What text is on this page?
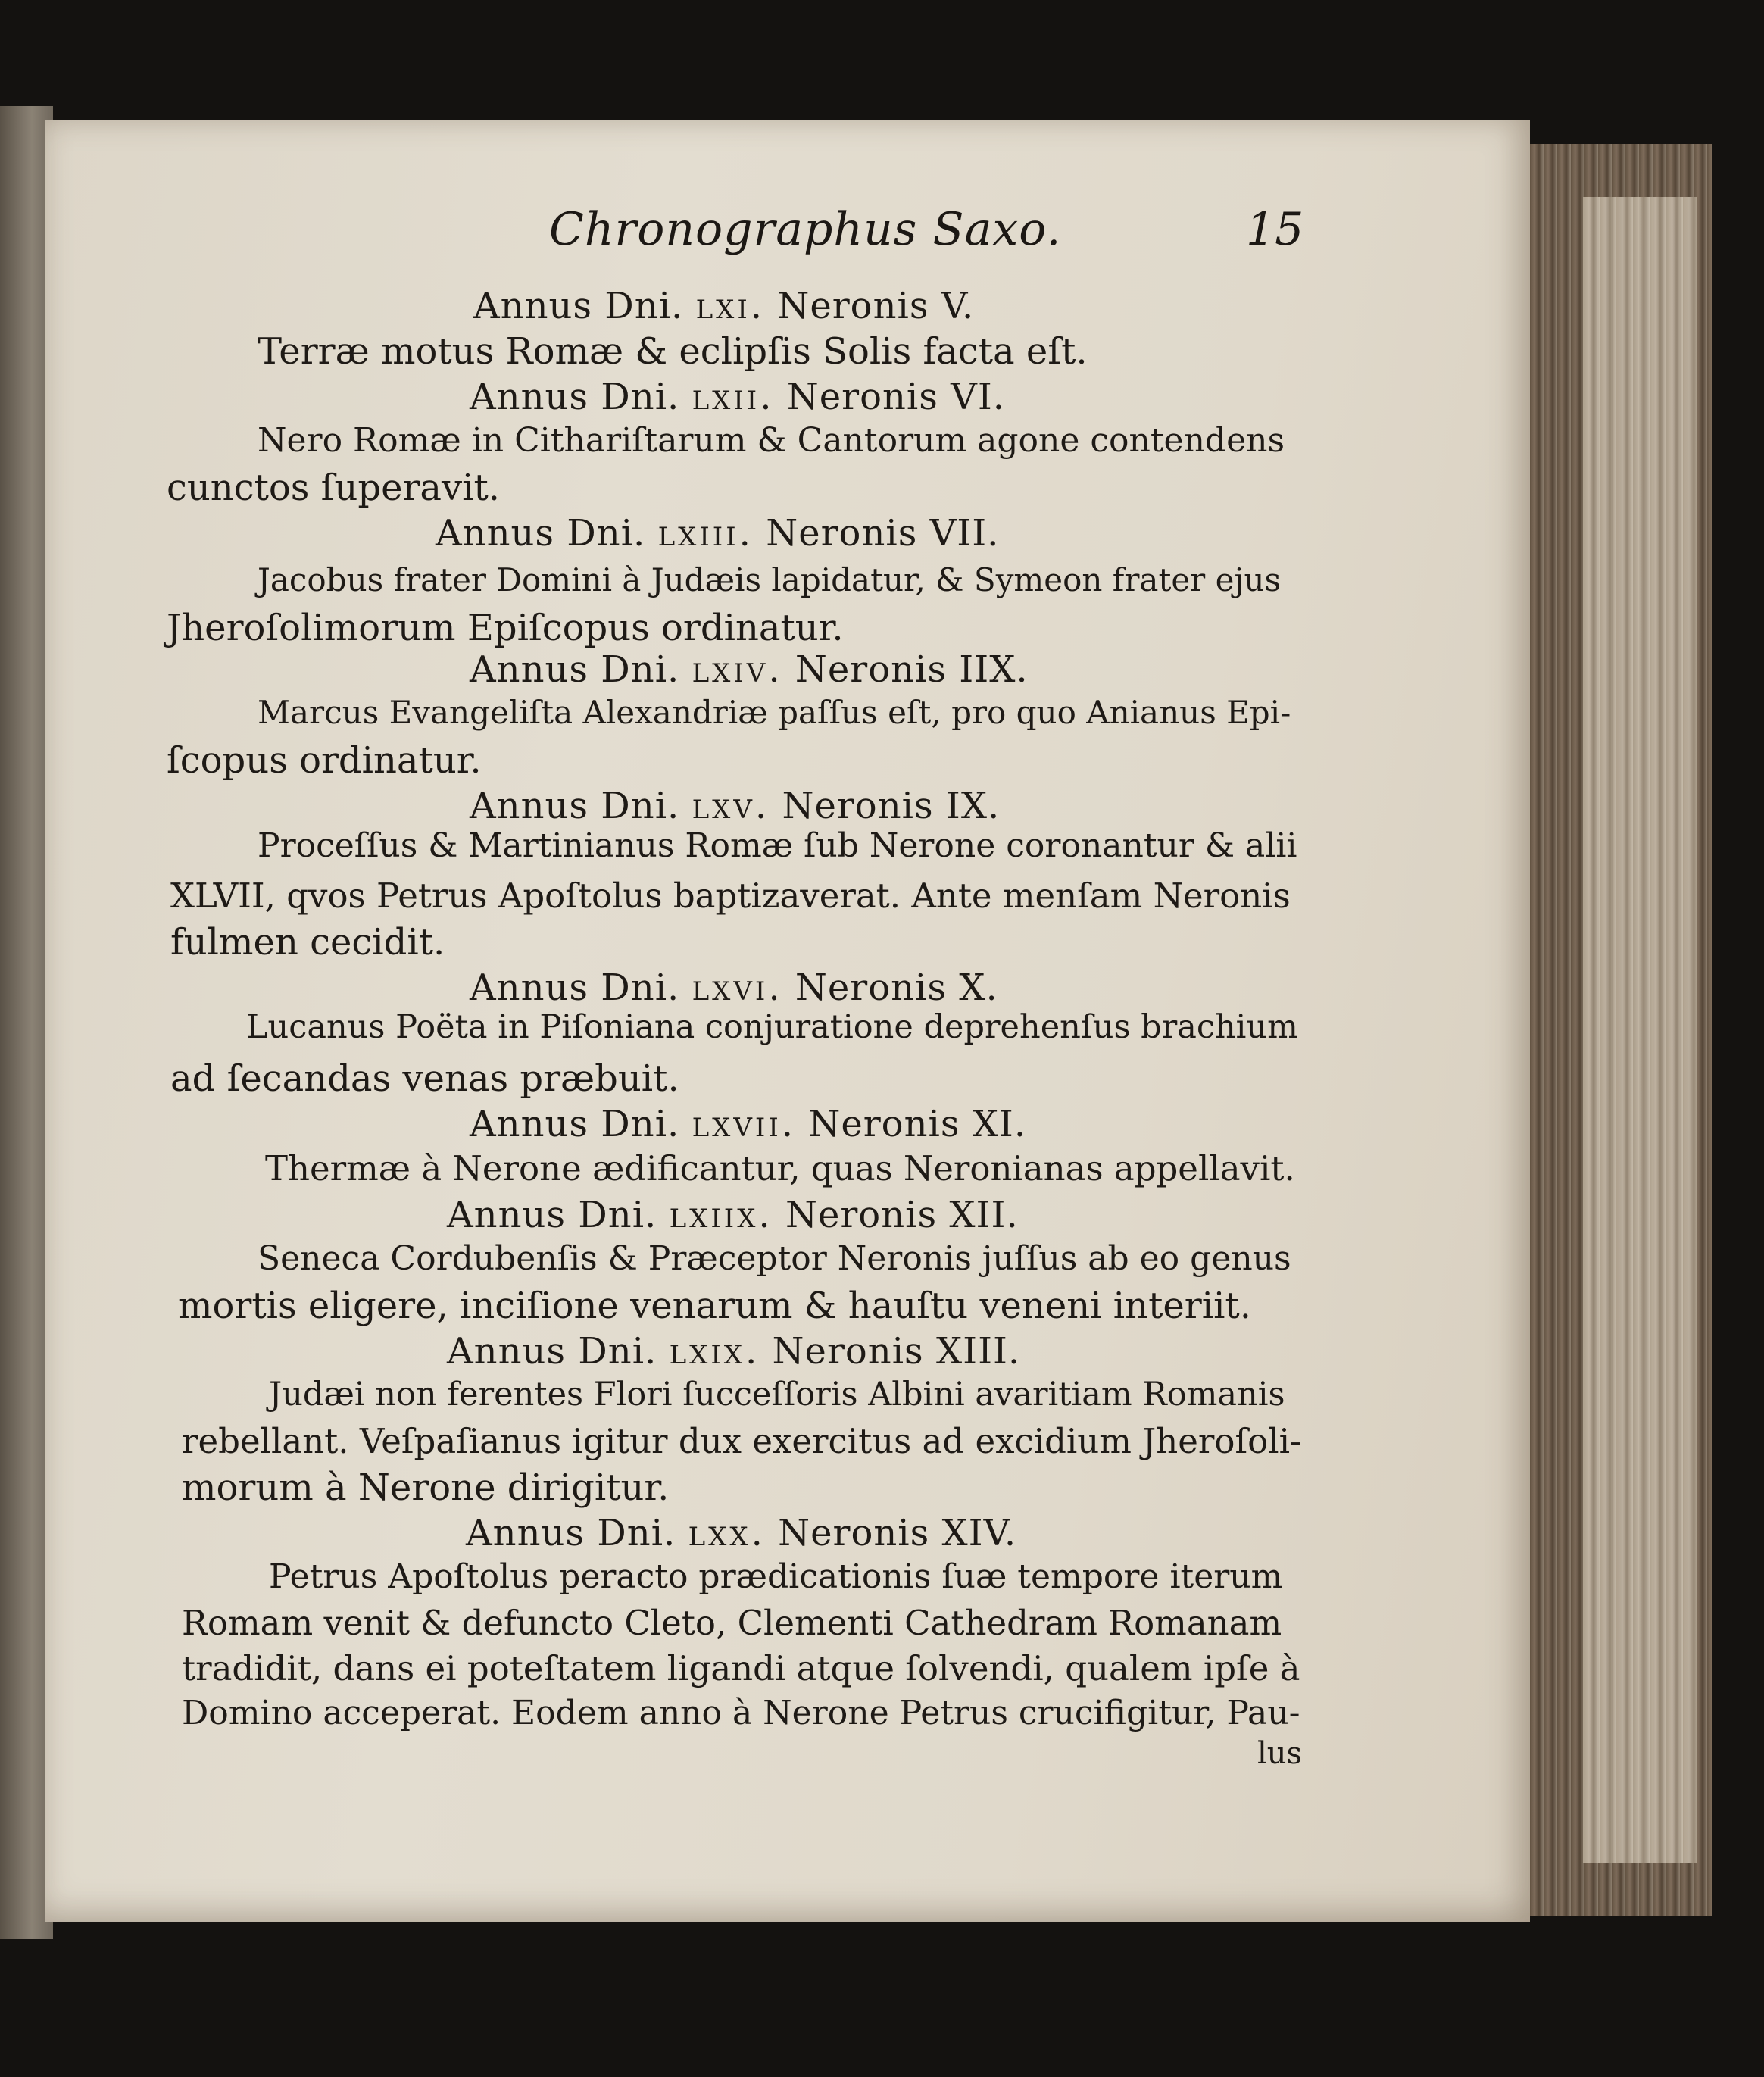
Chronographus Saxo.	15
Annus Dni. lxi. Neronis V.
Terræ motus Romæ & eclipſis Solis facta eſt.
Annus Dni. lxii. Neronis VI.
Nero Romæ in Cithariſtarum & Cantorum agone contendens
cunctos ſuperavit.
Annus Dni. lxiii. Neronis VII.
Jacobus frater Domini à Judæis lapidatur, & Symeon frater ejus
Jheroſolimorum Epiſcopus ordinatur.
Annus Dni. lxiv. Neronis IIX.
Marcus Evangeliſta Alexandriæ paſſus eſt, pro quo Anianus Epi-
ſcopus ordinatur.
Annus Dni. lxv. Neronis IX.
Proceſſus & Martinianus Romæ ſub Nerone coronantur & alii
XLVII, qvos Petrus Apoſtolus baptizaverat. Ante menſam Neronis
fulmen cecidit.
Annus Dni. lxvi. Neronis X.
Lucanus Poëta in Piſoniana conjuratione deprehenſus brachium
ad ſecandas venas præbuit.
Annus Dni. lxvii. Neronis XI.
Thermæ à Nerone ædificantur, quas Neronianas appellavit.
Annus Dni. lxiix. Neronis XII.
Seneca Cordubenſis & Præceptor Neronis juſſus ab eo genus
mortis eligere, inciſione venarum & hauſtu veneni interiit.
Annus Dni. lxix. Neronis XIII.
Judæi non ferentes Flori ſucceſſoris Albini avaritiam Romanis
rebellant. Veſpaſianus igitur dux exercitus ad excidium Jheroſoli-
morum à Nerone dirigitur.
Annus Dni. lxx. Neronis XIV.
Petrus Apoſtolus peracto prædicationis ſuæ tempore iterum
Romam venit & defuncto Cleto, Clementi Cathedram Romanam
tradidit, dans ei poteſtatem ligandi atque ſolvendi, qualem ipſe à
Domino acceperat. Eodem anno à Nerone Petrus crucifigitur, Pau-
lus
